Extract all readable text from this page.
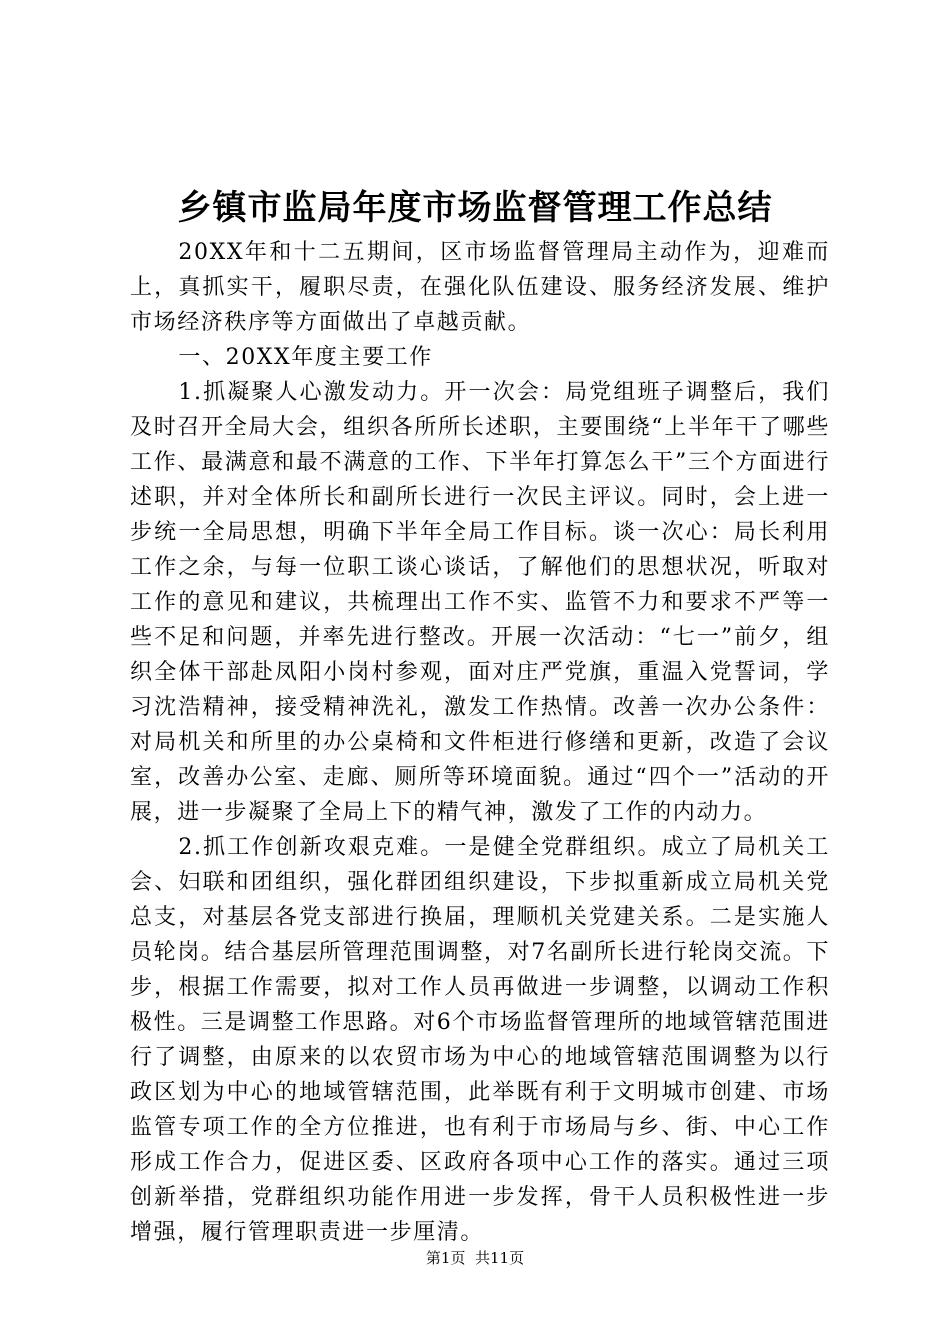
乡镇市监局年度市场监督管理工作总结

20XX年和十二五期间，区市场监督管理局主动作为，迎难而上，真抓实干，履职尽责，在强化队伍建设、服务经济发展、维护市场经济秩序等方面做出了卓越贡献。

一、20XX年度主要工作

1.抓凝聚人心激发动力。开一次会：局党组班子调整后，我们及时召开全局大会，组织各所所长述职，主要围绕“上半年干了哪些工作、最满意和最不满意的工作、下半年打算怎么干”三个方面进行述职，并对全体所长和副所长进行一次民主评议。同时，会上进一步统一全局思想，明确下半年全局工作目标。谈一次心：局长利用工作之余，与每一位职工谈心谈话，了解他们的思想状况，听取对工作的意见和建议，共梳理出工作不实、监管不力和要求不严等一些不足和问题，并率先进行整改。开展一次活动：“七一”前夕，组织全体干部赴凤阳小岗村参观，面对庄严党旗，重温入党誓词，学习沈浩精神，接受精神洗礼，激发工作热情。改善一次办公条件：对局机关和所里的办公桌椅和文件柜进行修缮和更新，改造了会议室，改善办公室、走廊、厕所等环境面貌。通过“四个一”活动的开展，进一步凝聚了全局上下的精气神，激发了工作的内动力。

2.抓工作创新攻艰克难。一是健全党群组织。成立了局机关工会、妇联和团组织，强化群团组织建设，下步拟重新成立局机关党总支，对基层各党支部进行换届，理顺机关党建关系。二是实施人员轮岗。结合基层所管理范围调整，对7名副所长进行轮岗交流。下步，根据工作需要，拟对工作人员再做进一步调整，以调动工作积极性。三是调整工作思路。对6个市场监督管理所的地域管辖范围进行了调整，由原来的以农贸市场为中心的地域管辖范围调整为以行政区划为中心的地域管辖范围，此举既有利于文明城市创建、市场监管专项工作的全方位推进，也有利于市场局与乡、街、中心工作形成工作合力，促进区委、区政府各项中心工作的落实。通过三项创新举措，党群组织功能作用进一步发挥，骨干人员积极性进一步增强，履行管理职责进一步厘清。

第1页 共11页
